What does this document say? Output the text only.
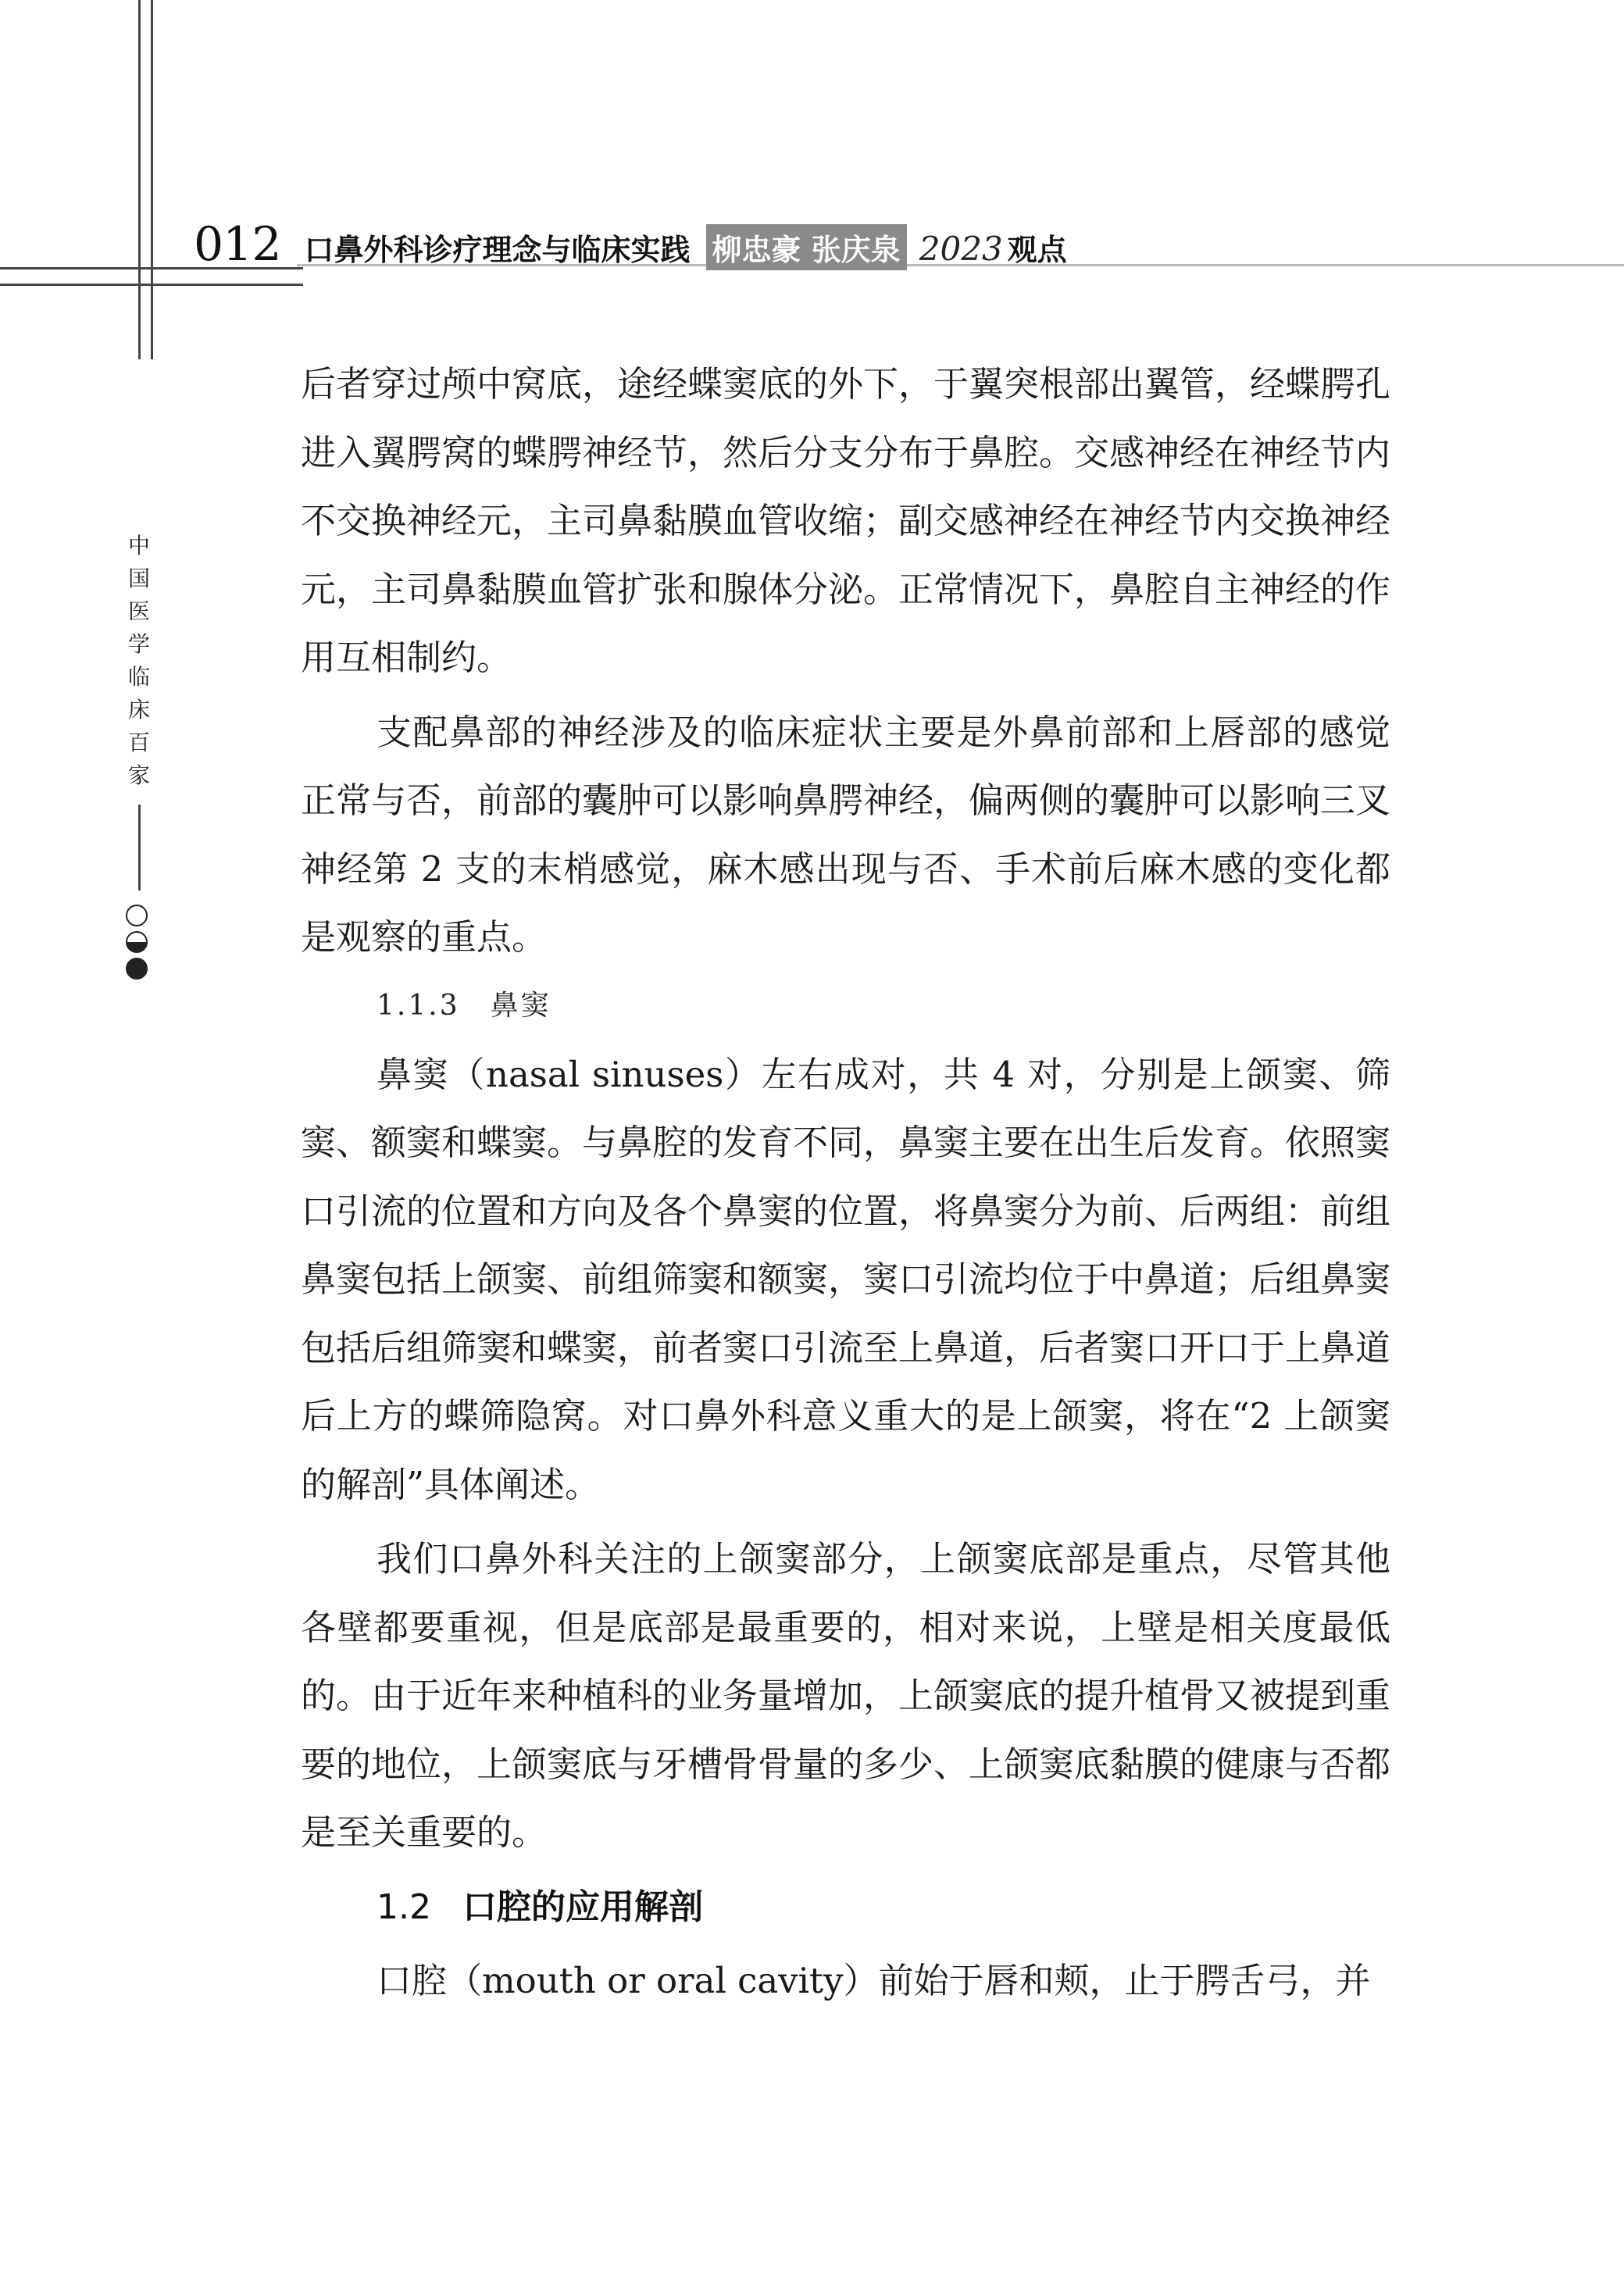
012 口鼻外科诊疗理念与临床实践 柳忠豪 张庆泉 2023 观点
中国医学临床百家

后者穿过颅中窝底，途经蝶窦底的外下，于翼突根部出翼管，经蝶腭孔进入翼腭窝的蝶腭神经节，然后分支分布于鼻腔。交感神经在神经节内不交换神经元，主司鼻黏膜血管收缩；副交感神经在神经节内交换神经元，主司鼻黏膜血管扩张和腺体分泌。正常情况下，鼻腔自主神经的作用互相制约。

支配鼻部的神经涉及的临床症状主要是外鼻前部和上唇部的感觉正常与否，前部的囊肿可以影响鼻腭神经，偏两侧的囊肿可以影响三叉神经第 2 支的末梢感觉，麻木感出现与否、手术前后麻木感的变化都是观察的重点。

1.1.3　鼻窦

鼻窦（nasal sinuses）左右成对，共 4 对，分别是上颌窦、筛窦、额窦和蝶窦。与鼻腔的发育不同，鼻窦主要在出生后发育。依照窦口引流的位置和方向及各个鼻窦的位置，将鼻窦分为前、后两组：前组鼻窦包括上颌窦、前组筛窦和额窦，窦口引流均位于中鼻道；后组鼻窦包括后组筛窦和蝶窦，前者窦口引流至上鼻道，后者窦口开口于上鼻道后上方的蝶筛隐窝。对口鼻外科意义重大的是上颌窦，将在“2 上颌窦的解剖”具体阐述。

我们口鼻外科关注的上颌窦部分，上颌窦底部是重点，尽管其他各壁都要重视，但是底部是最重要的，相对来说，上壁是相关度最低的。由于近年来种植科的业务量增加，上颌窦底的提升植骨又被提到重要的地位，上颌窦底与牙槽骨骨量的多少、上颌窦底黏膜的健康与否都是至关重要的。

1.2 口腔的应用解剖

口腔（mouth or oral cavity）前始于唇和颊，止于腭舌弓，并
